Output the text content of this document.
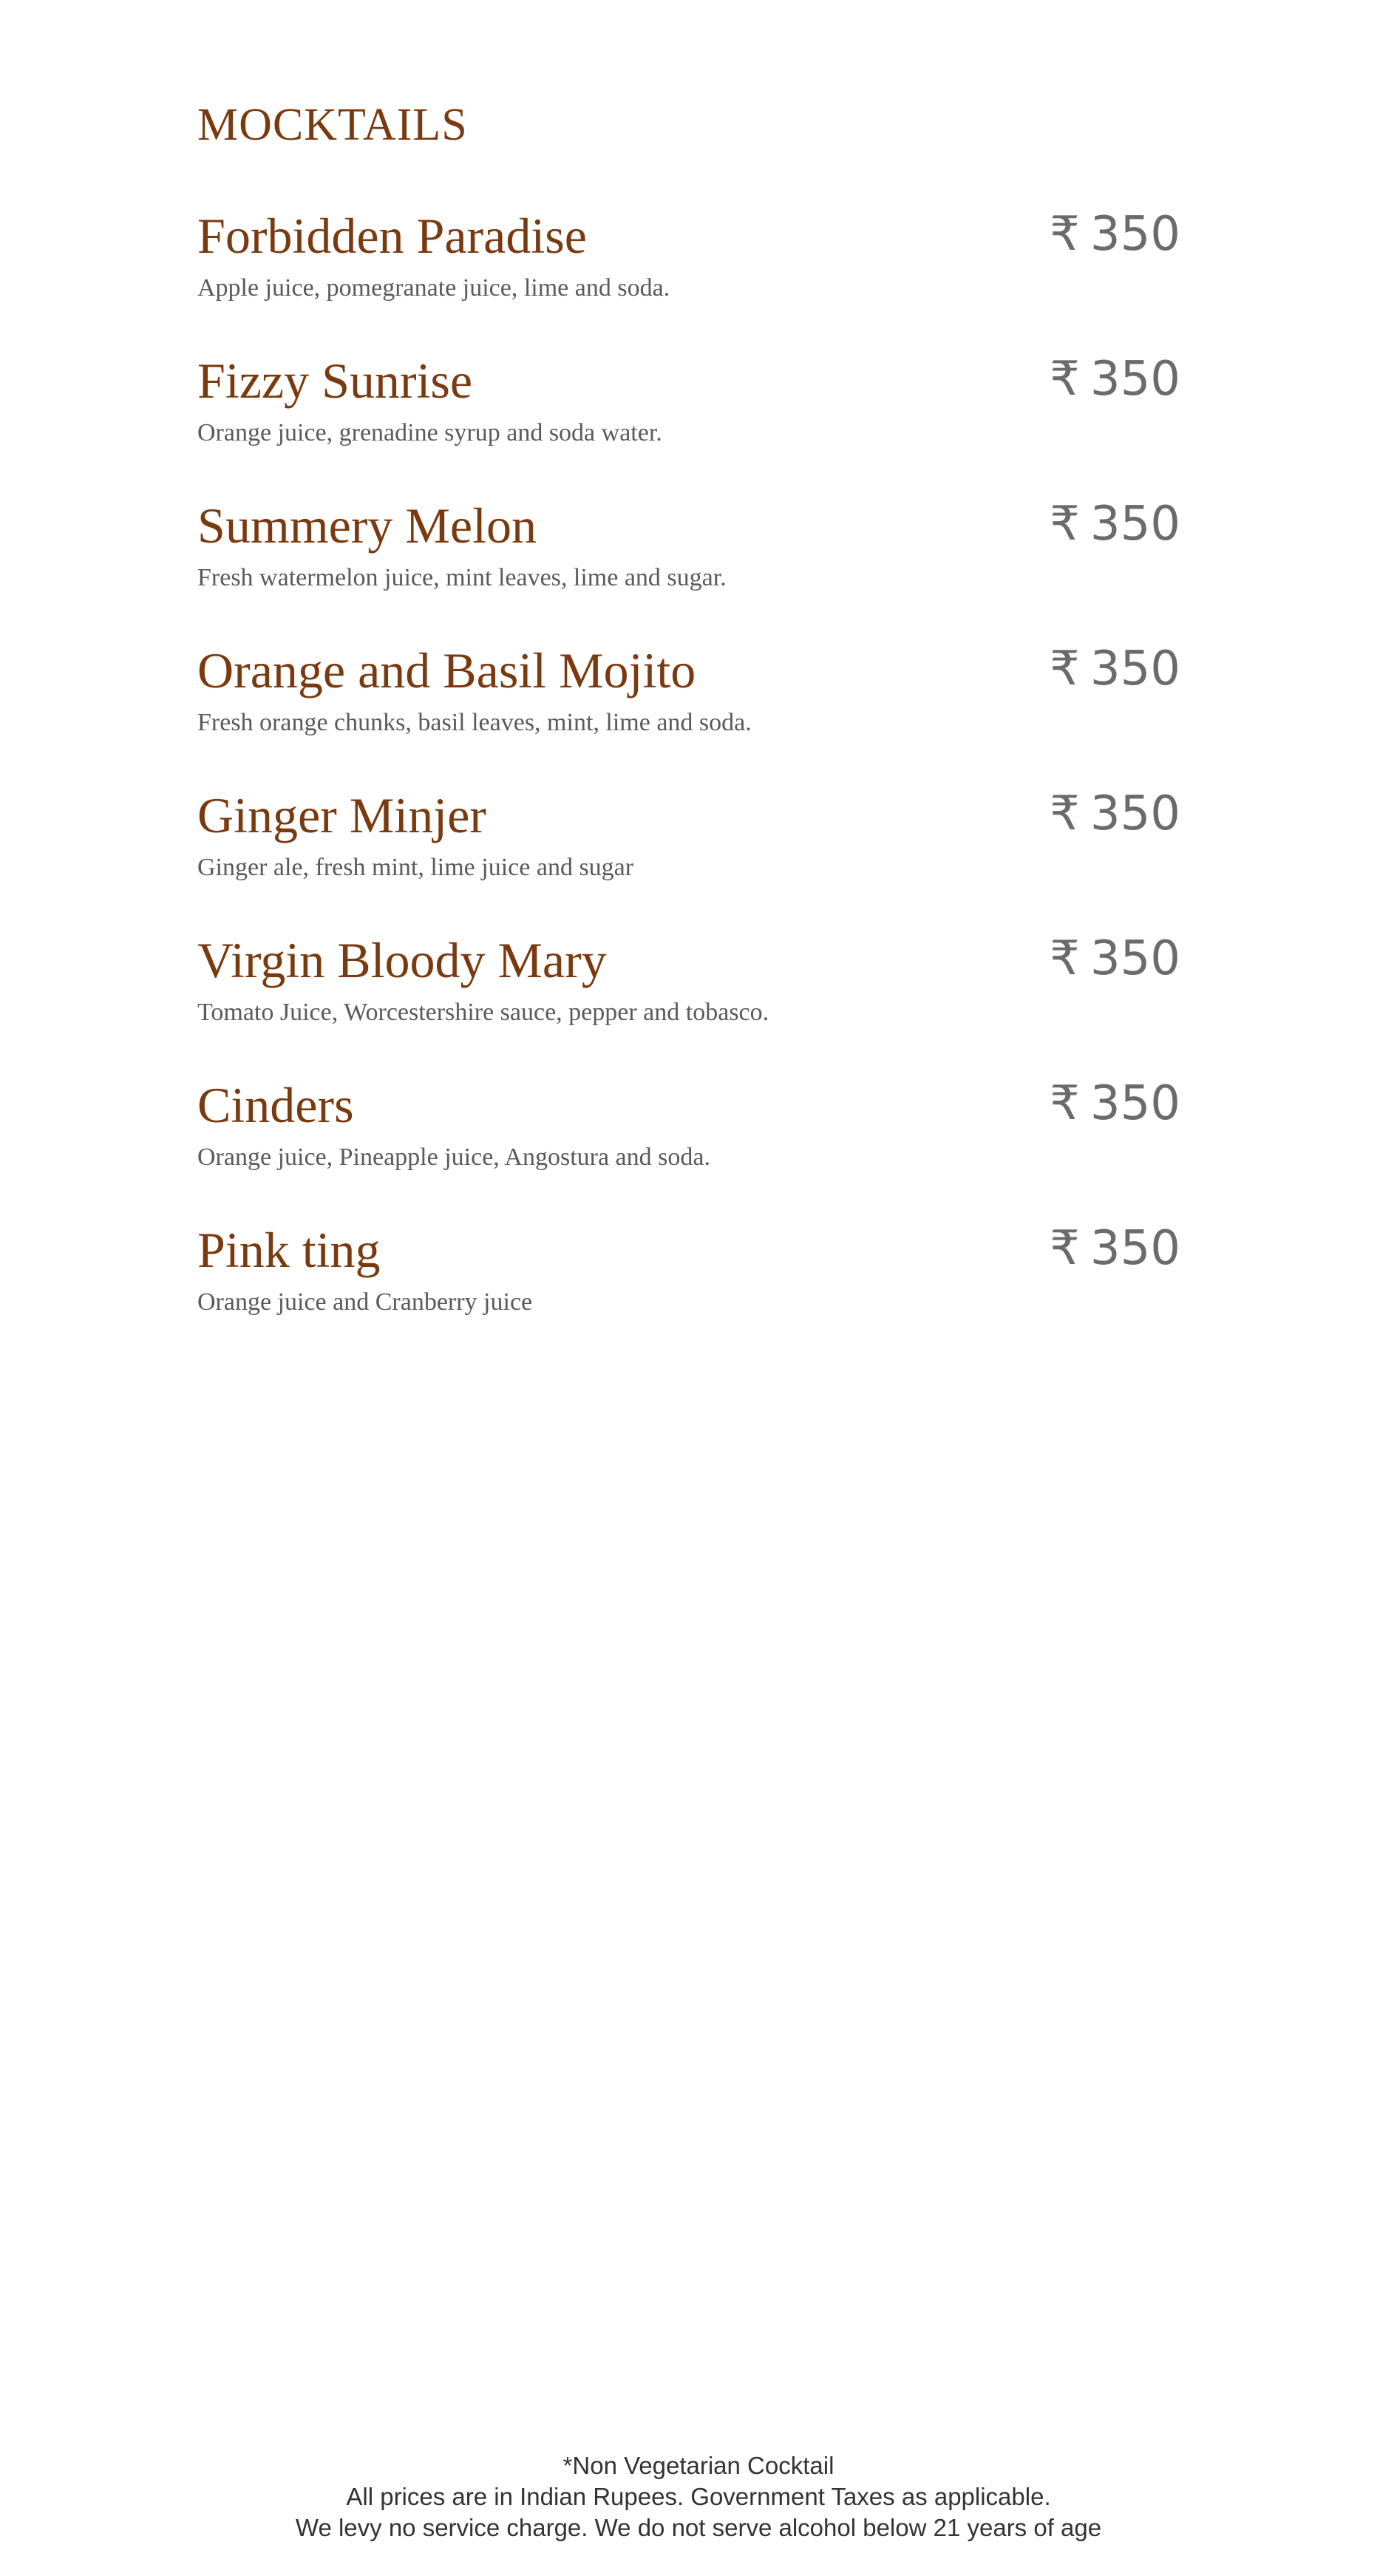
MOCKTAILS
Forbidden Paradise	₹ 350
Apple juice, pomegranate juice, lime and soda.
Fizzy Sunrise	₹ 350
Orange juice, grenadine syrup and soda water.
Summery Melon	₹ 350
Fresh watermelon juice, mint leaves, lime and sugar.
Orange and Basil Mojito	₹ 350
Fresh orange chunks, basil leaves, mint, lime and soda.
Ginger Minjer	₹ 350
Ginger ale, fresh mint, lime juice and sugar
Virgin Bloody Mary	₹ 350
Tomato Juice, Worcestershire sauce, pepper and tobasco.
Cinders	₹ 350
Orange juice, Pineapple juice, Angostura and soda.
Pink ting	₹ 350
Orange juice and Cranberry juice
*Non Vegetarian Cocktail
All prices are in Indian Rupees. Government Taxes as applicable.
We levy no service charge. We do not serve alcohol below 21 years of age
